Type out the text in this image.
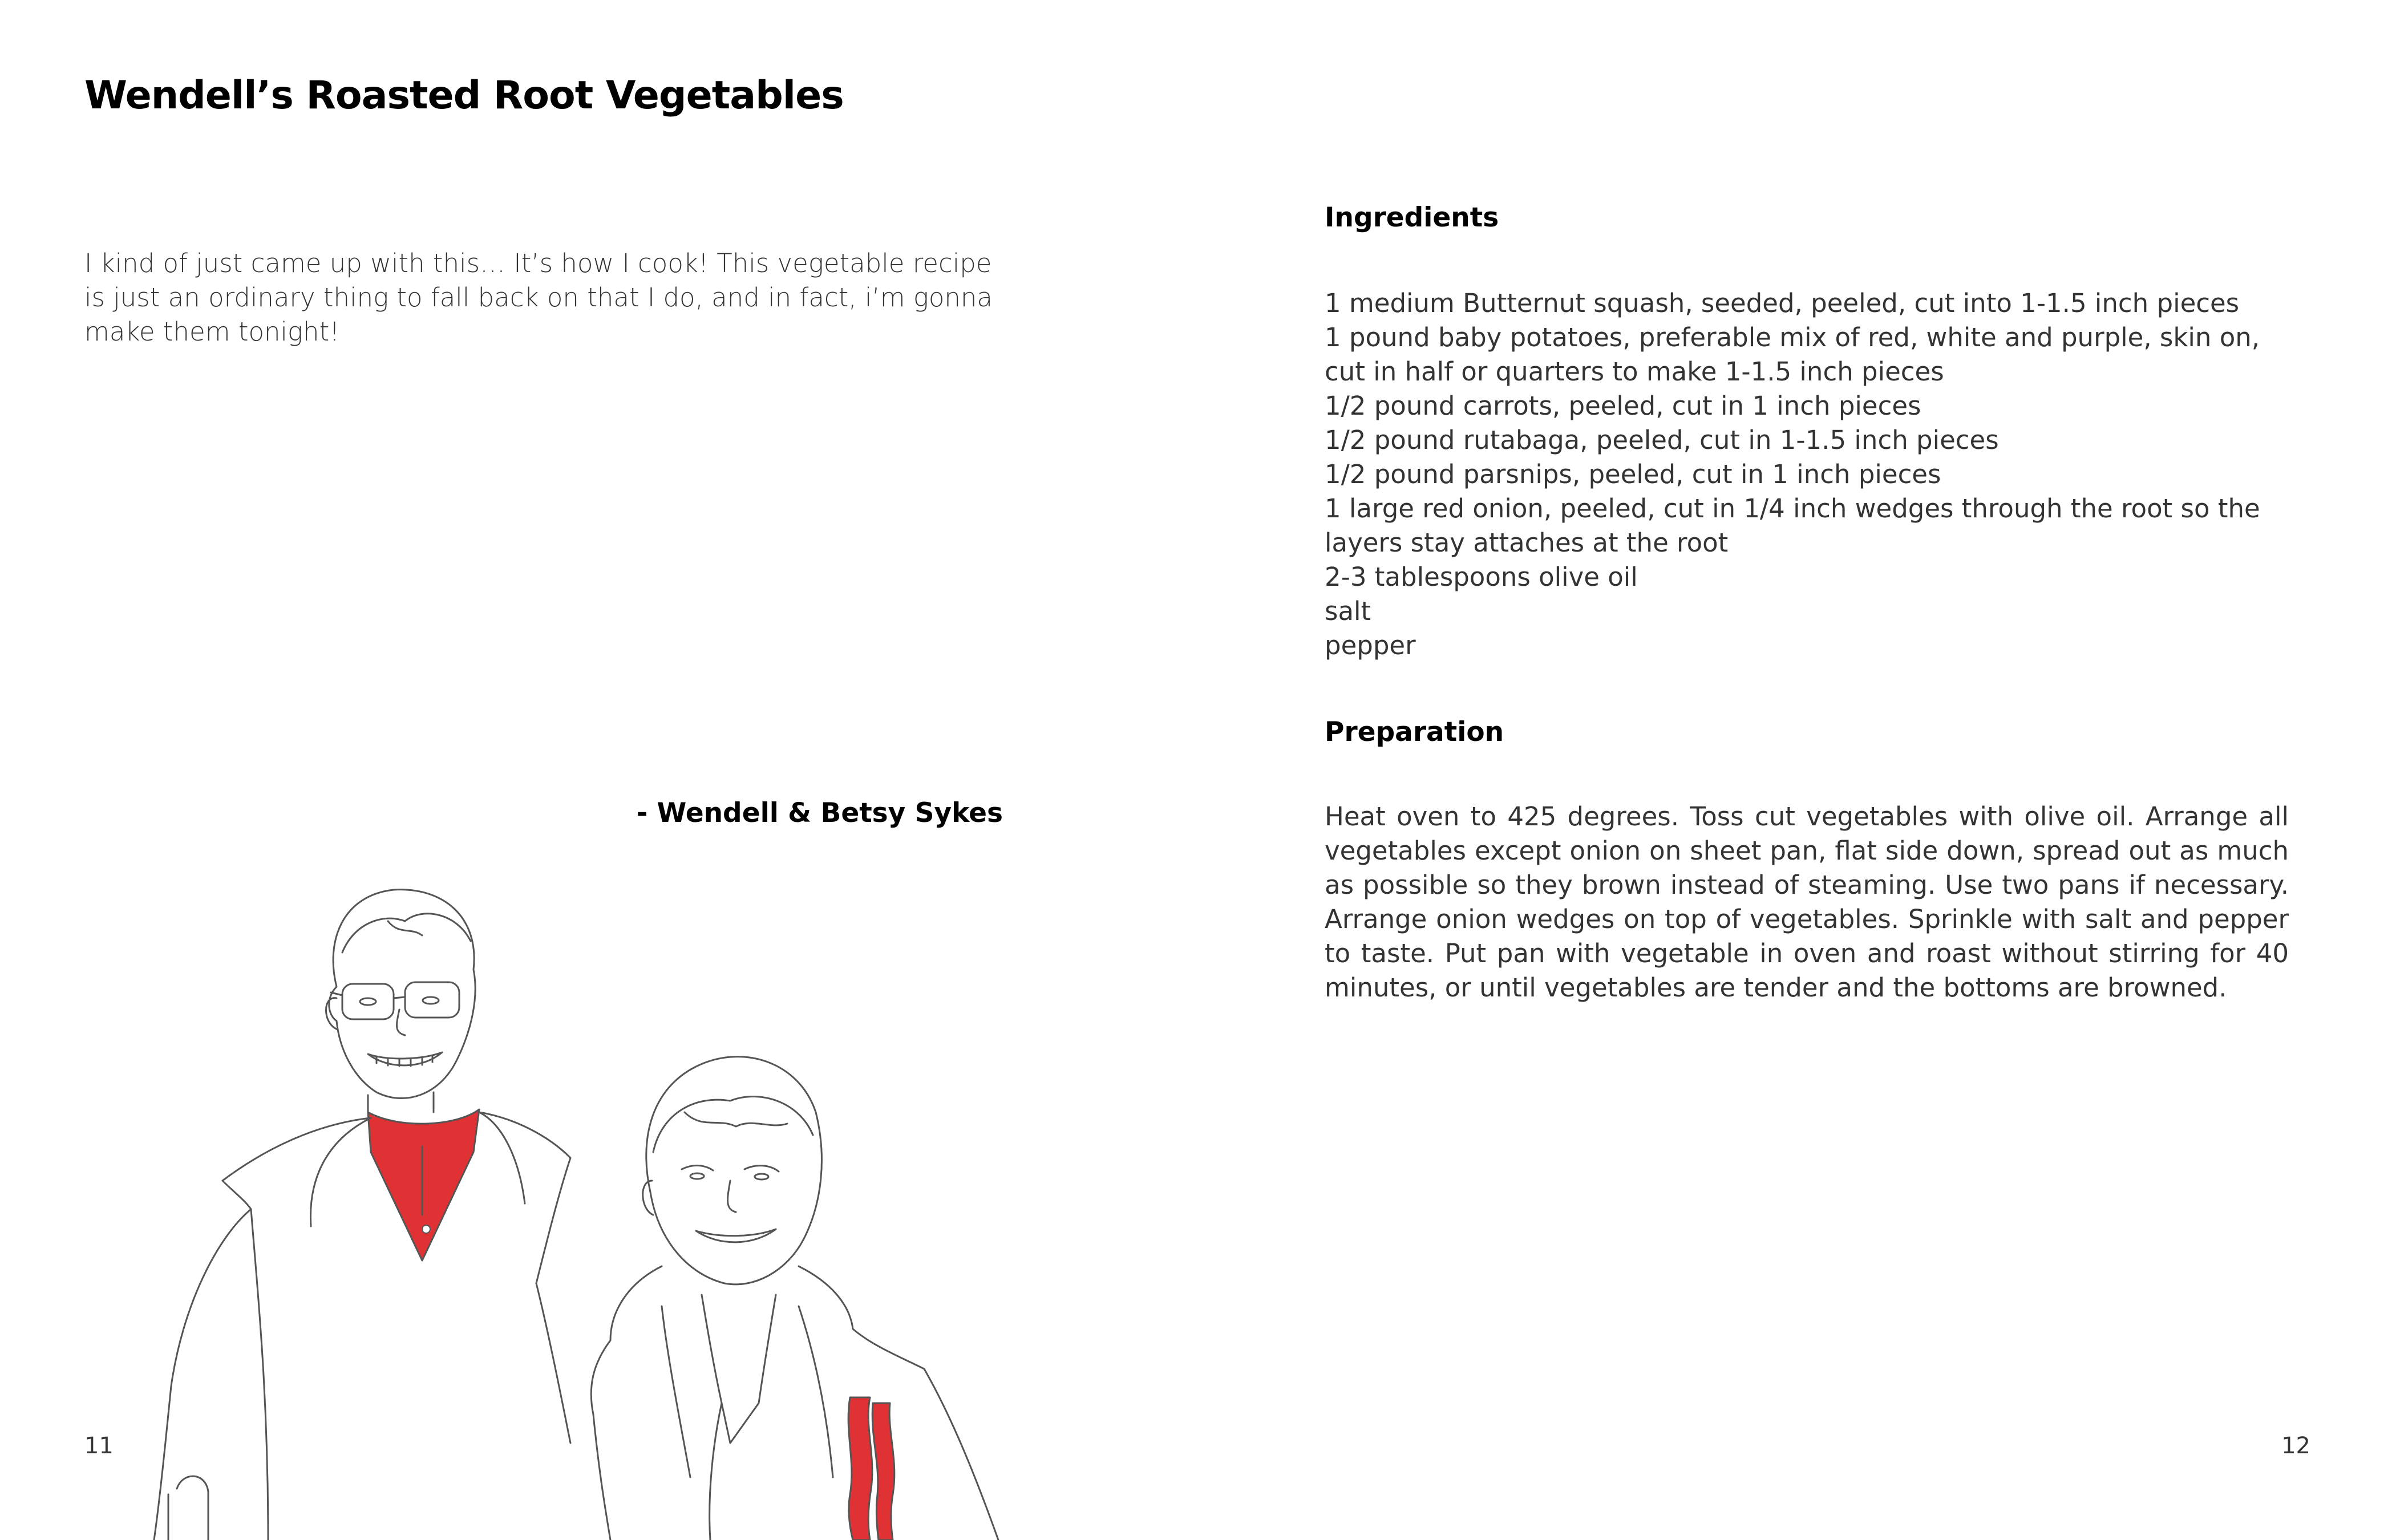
Wendell’s Roasted Root Vegetables

I kind of just came up with this… It’s how I cook! This vegetable recipe is just an ordinary thing to fall back on that I do, and in fact, i’m gonna make them tonight!

- Wendell & Betsy Sykes

11

Ingredients
1 medium Butternut squash, seeded, peeled, cut into 1-1.5 inch pieces
1 pound baby potatoes, preferable mix of red, white and purple, skin on, cut in half or quarters to make 1-1.5 inch pieces
1/2 pound carrots, peeled, cut in 1 inch pieces
1/2 pound rutabaga, peeled, cut in 1-1.5 inch pieces
1/2 pound parsnips, peeled, cut in 1 inch pieces
1 large red onion, peeled, cut in 1/4 inch wedges through the root so the layers stay attaches at the root
2-3 tablespoons olive oil
salt
pepper
Preparation

Heat oven to 425 degrees. Toss cut vegetables with olive oil. Arrange all vegetables except onion on sheet pan, flat side down, spread out as much as possible so they brown instead of steaming. Use two pans if necessary. Arrange onion wedges on top of vegetables. Sprinkle with salt and pepper to taste. Put pan with vegetable in oven and roast without stirring for 40 minutes, or until vegetables are tender and the bottoms are browned.

12
